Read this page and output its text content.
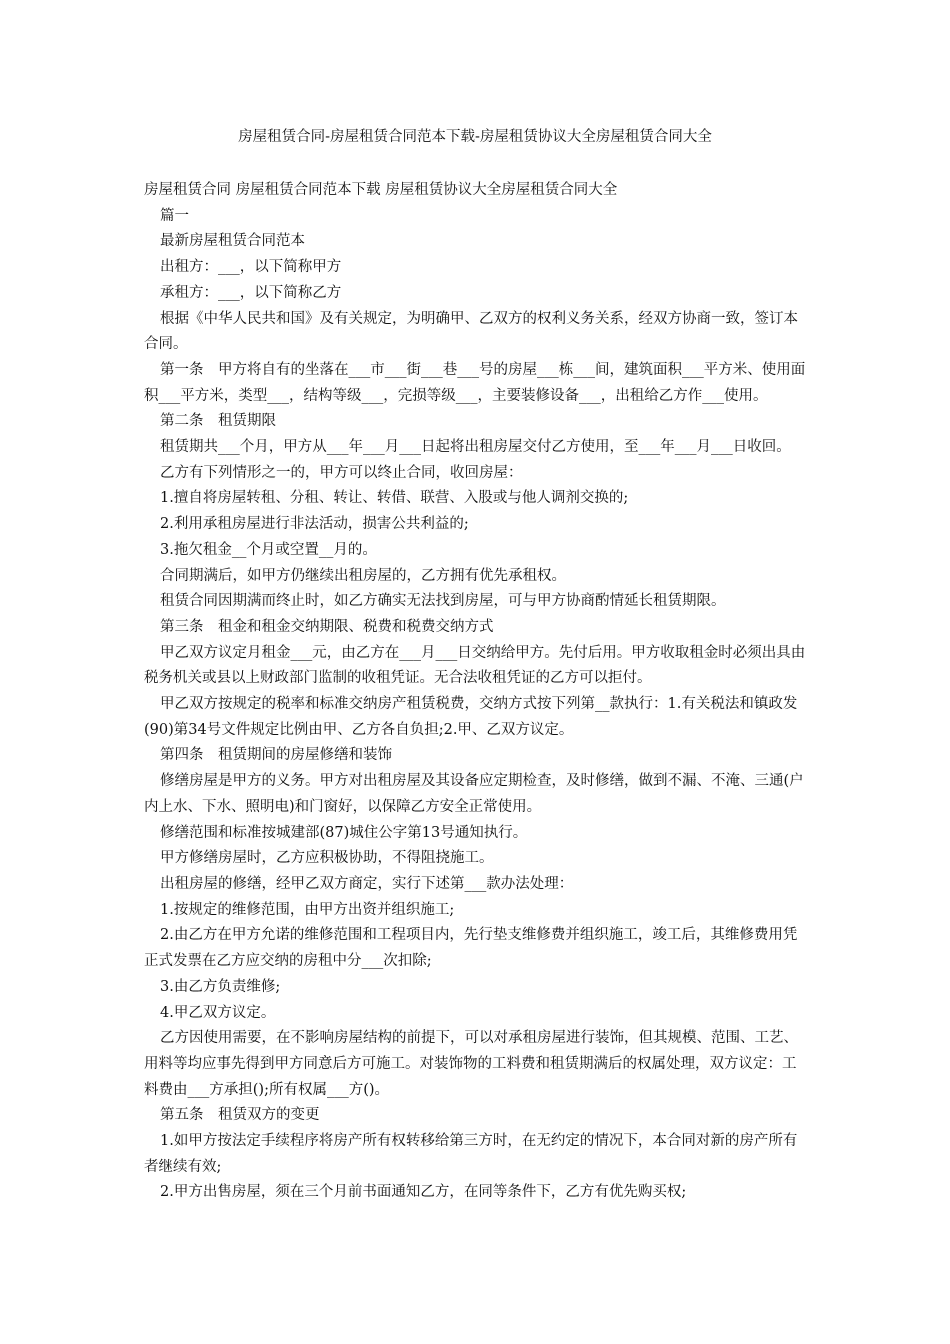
房屋租赁合同-房屋租赁合同范本下载-房屋租赁协议大全房屋租赁合同大全

房屋租赁合同 房屋租赁合同范本下载 房屋租赁协议大全房屋租赁合同大全

篇一

最新房屋租赁合同范本

出租方：___，以下简称甲方

承租方：___，以下简称乙方

根据《中华人民共和国》及有关规定，为明确甲、乙双方的权利义务关系，经双方协商一致，签订本合同。

第一条　甲方将自有的坐落在___市___街___巷___号的房屋___栋___间，建筑面积___平方米、使用面积___平方米，类型___，结构等级___，完损等级___，主要装修设备___，出租给乙方作___使用。

第二条　租赁期限

租赁期共___个月，甲方从___年___月___日起将出租房屋交付乙方使用，至___年___月___日收回。

乙方有下列情形之一的，甲方可以终止合同，收回房屋：

1.擅自将房屋转租、分租、转让、转借、联营、入股或与他人调剂交换的;

2.利用承租房屋进行非法活动，损害公共利益的;

3.拖欠租金__个月或空置__月的。

合同期满后，如甲方仍继续出租房屋的，乙方拥有优先承租权。

租赁合同因期满而终止时，如乙方确实无法找到房屋，可与甲方协商酌情延长租赁期限。

第三条　租金和租金交纳期限、税费和税费交纳方式

甲乙双方议定月租金___元，由乙方在___月___日交纳给甲方。先付后用。甲方收取租金时必须出具由税务机关或县以上财政部门监制的收租凭证。无合法收租凭证的乙方可以拒付。

甲乙双方按规定的税率和标准交纳房产租赁税费，交纳方式按下列第__款执行：1.有关税法和镇政发(90)第34号文件规定比例由甲、乙方各自负担;2.甲、乙双方议定。

第四条　租赁期间的房屋修缮和装饰

修缮房屋是甲方的义务。甲方对出租房屋及其设备应定期检查，及时修缮，做到不漏、不淹、三通(户内上水、下水、照明电)和门窗好，以保障乙方安全正常使用。

修缮范围和标准按城建部(87)城住公字第13号通知执行。

甲方修缮房屋时，乙方应积极协助，不得阻挠施工。

出租房屋的修缮，经甲乙双方商定，实行下述第___款办法处理：

1.按规定的维修范围，由甲方出资并组织施工;

2.由乙方在甲方允诺的维修范围和工程项目内，先行垫支维修费并组织施工，竣工后，其维修费用凭正式发票在乙方应交纳的房租中分___次扣除;

3.由乙方负责维修;

4.甲乙双方议定。

乙方因使用需要，在不影响房屋结构的前提下，可以对承租房屋进行装饰，但其规模、范围、工艺、用料等均应事先得到甲方同意后方可施工。对装饰物的工料费和租赁期满后的权属处理，双方议定：工料费由___方承担();所有权属___方()。

第五条　租赁双方的变更

1.如甲方按法定手续程序将房产所有权转移给第三方时，在无约定的情况下，本合同对新的房产所有者继续有效;

2.甲方出售房屋，须在三个月前书面通知乙方，在同等条件下，乙方有优先购买权;
